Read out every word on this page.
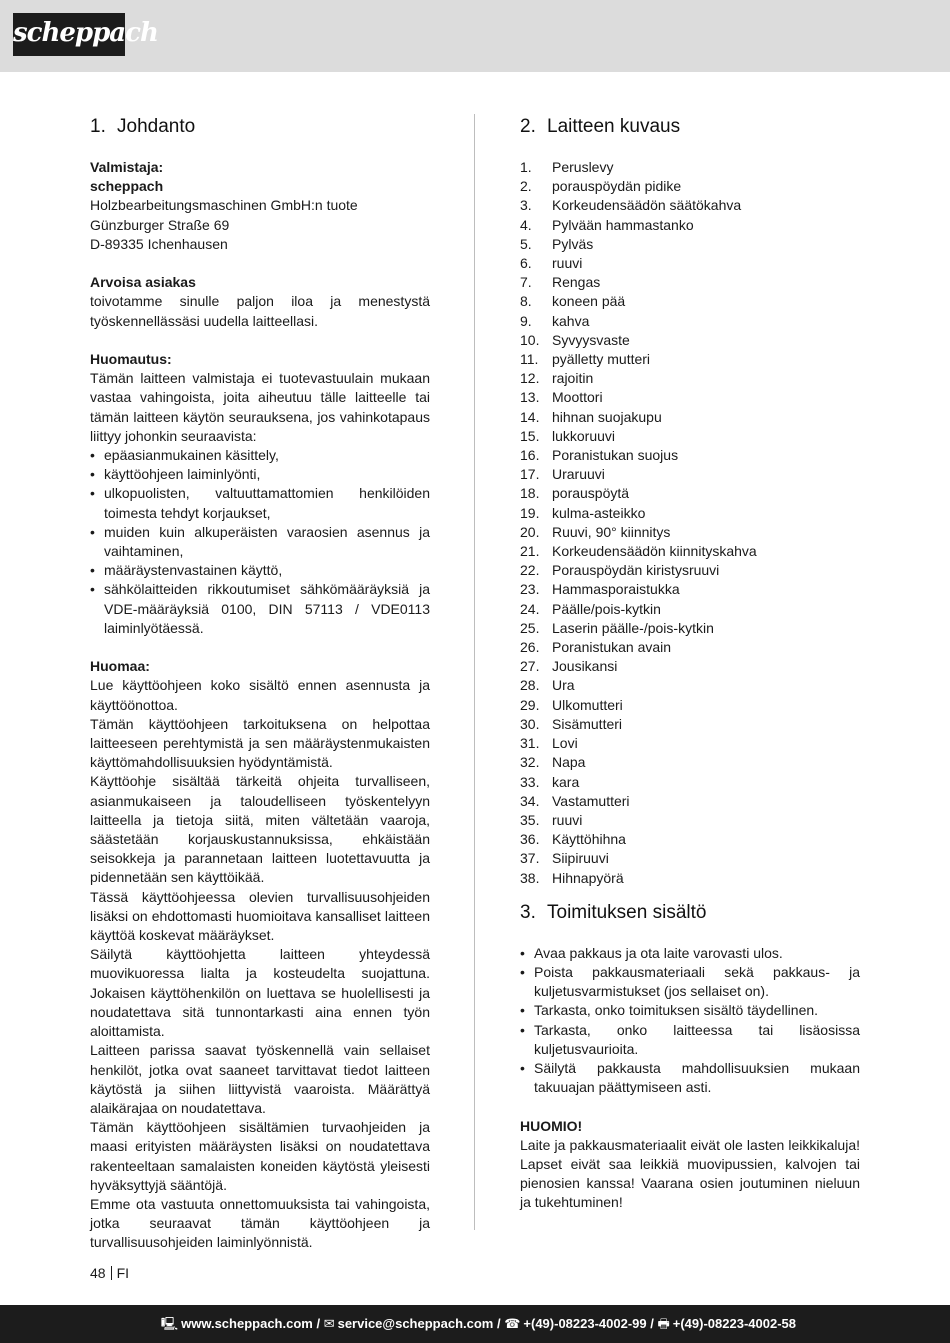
scheppach
1. Johdanto
Valmistaja:
scheppach
Holzbearbeitungsmaschinen GmbH:n tuote
Günzburger Straße 69
D-89335 Ichenhausen
Arvoisa asiakas
toivotamme sinulle paljon iloa ja menestystä työskennellässäsi uudella laitteellasi.
Huomautus:
Tämän laitteen valmistaja ei tuotevastuulain mukaan vastaa vahingoista, joita aiheutuu tälle laitteelle tai tämän laitteen käytön seurauksena, jos vahinkotapaus liittyy johonkin seuraavista:
• epäasianmukainen käsittely,
• käyttöohjeen laiminlyönti,
• ulkopuolisten, valtuuttamattomien henkilöiden toimesta tehdyt korjaukset,
• muiden kuin alkuperäisten varaosien asennus ja vaihtaminen,
• määräystenvastainen käyttö,
• sähkölaitteiden rikkoutumiset sähkömääräyksiä ja VDE-määräyksiä 0100, DIN 57113 / VDE0113 laiminlyötäessä.
Huomaa:
Lue käyttöohjeen koko sisältö ennen asennusta ja käyttöönottoa.
Tämän käyttöohjeen tarkoituksena on helpottaa laitteeseen perehtymistä ja sen määräystenmukaisten käyttömahdollisuuksien hyödyntämistä.
Käyttöohje sisältää tärkeitä ohjeita turvalliseen, asianmukaiseen ja taloudelliseen työskentelyyn laitteella ja tietoja siitä, miten vältetään vaaroja, säästetään korjauskustannuksissa, ehkäistään seisokkeja ja parannetaan laitteen luotettavuutta ja pidennetään sen käyttöikää.
Tässä käyttöohjeessa olevien turvallisuusohjeiden lisäksi on ehdottomasti huomioitava kansalliset laitteen käyttöä koskevat määräykset.
Säilytä käyttöohjetta laitteen yhteydessä muovikuoressa lialta ja kosteudelta suojattuna. Jokaisen käyttöhenkilön on luettava se huolellisesti ja noudatettava sitä tunnontarkasti aina ennen työn aloittamista.
Laitteen parissa saavat työskennellä vain sellaiset henkilöt, jotka ovat saaneet tarvittavat tiedot laitteen käytöstä ja siihen liittyvistä vaaroista. Määrättyä alaikärajaa on noudatettava.
Tämän käyttöohjeen sisältämien turvaohjeiden ja maasi erityisten määräysten lisäksi on noudatettava rakenteeltaan samalaisten koneiden käytöstä yleisesti hyväksyttyjä sääntöjä.
Emme ota vastuuta onnettomuuksista tai vahingoista, jotka seuraavat tämän käyttöohjeen ja turvallisuusohjeiden laiminlyönnistä.
2. Laitteen kuvaus
1.	Peruslevy
2.	porauspöydän pidike
3.	Korkeudensäädön säätökahva
4.	Pylvään hammastanko
5.	Pylväs
6.	ruuvi
7.	Rengas
8.	koneen pää
9.	kahva
10. Syvyysvaste
11. pyälletty mutteri
12. rajoitin
13. Moottori
14. hihnan suojakupu
15. lukkoruuvi
16. Poranistukan suojus
17. Uraruuvi
18. porauspöytä
19. kulma-asteikko
20. Ruuvi, 90° kiinnitys
21. Korkeudensäädön kiinnityskahva
22. Porauspöydän kiristysruuvi
23. Hammasporaistukka
24. Päälle/pois-kytkin
25. Laserin päälle-/pois-kytkin
26. Poranistukan avain
27. Jousikansi
28. Ura
29. Ulkomutteri
30. Sisämutteri
31. Lovi
32. Napa
33. kara
34. Vastamutteri
35. ruuvi
36. Käyttöhihna
37. Siipiruuvi
38. Hihnapyörä
3. Toimituksen sisältö
• Avaa pakkaus ja ota laite varovasti ulos.
• Poista pakkausmateriaali sekä pakkaus- ja kuljetusvarmistukset (jos sellaiset on).
• Tarkasta, onko toimituksen sisältö täydellinen.
• Tarkasta, onko laitteessa tai lisäosissa kuljetusvaurioita.
• Säilytä pakkausta mahdollisuuksien mukaan takuuajan päättymiseen asti.
HUOMIO!
Laite ja pakkausmateriaalit eivät ole lasten leikkikaluja! Lapset eivät saa leikkiä muovipussien, kalvojen tai pienosien kanssa! Vaarana osien joutuminen nieluun ja tukehtuminen!
48 FI
🖳 www.scheppach.com / ✉ service@scheppach.com / ☎ +(49)-08223-4002-99 / 🖶 +(49)-08223-4002-58
